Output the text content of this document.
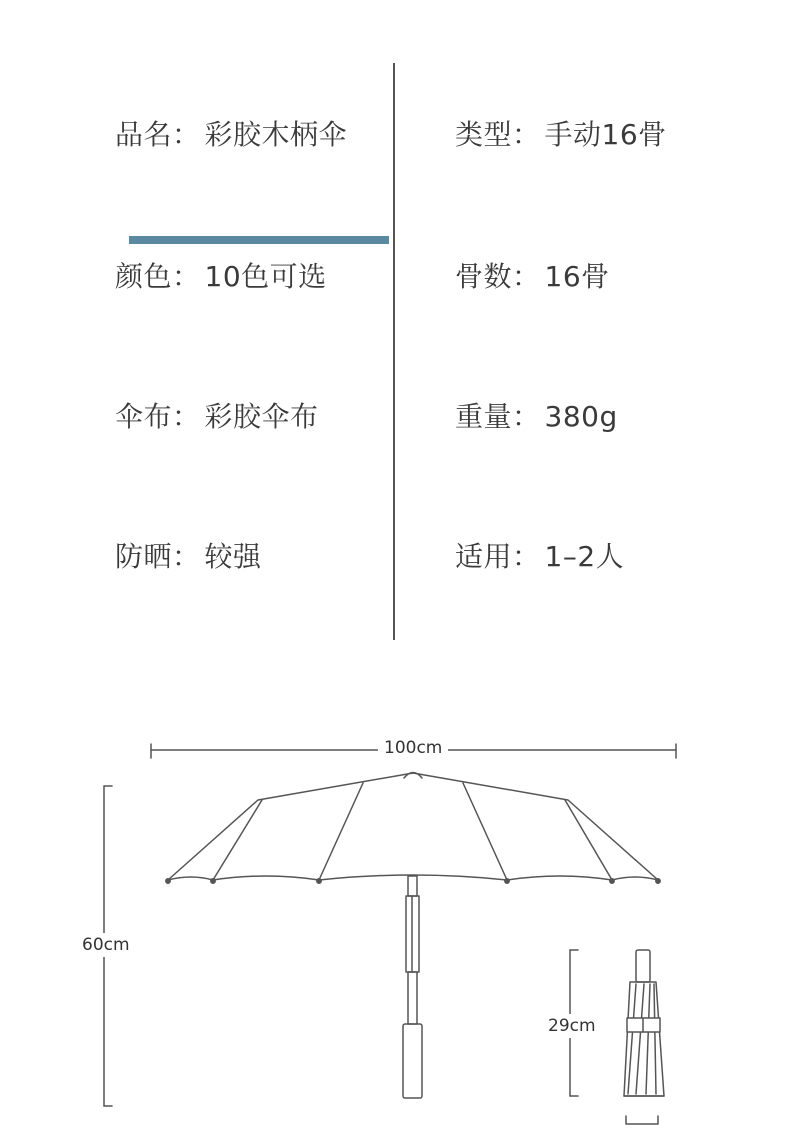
品名： 彩胶木柄伞	类型： 手动16骨
颜色： 10色可选	骨数： 16骨
伞布： 彩胶伞布	重量： 380g
防晒： 较强	适用： 1–2人
100cm
60cm
29cm
